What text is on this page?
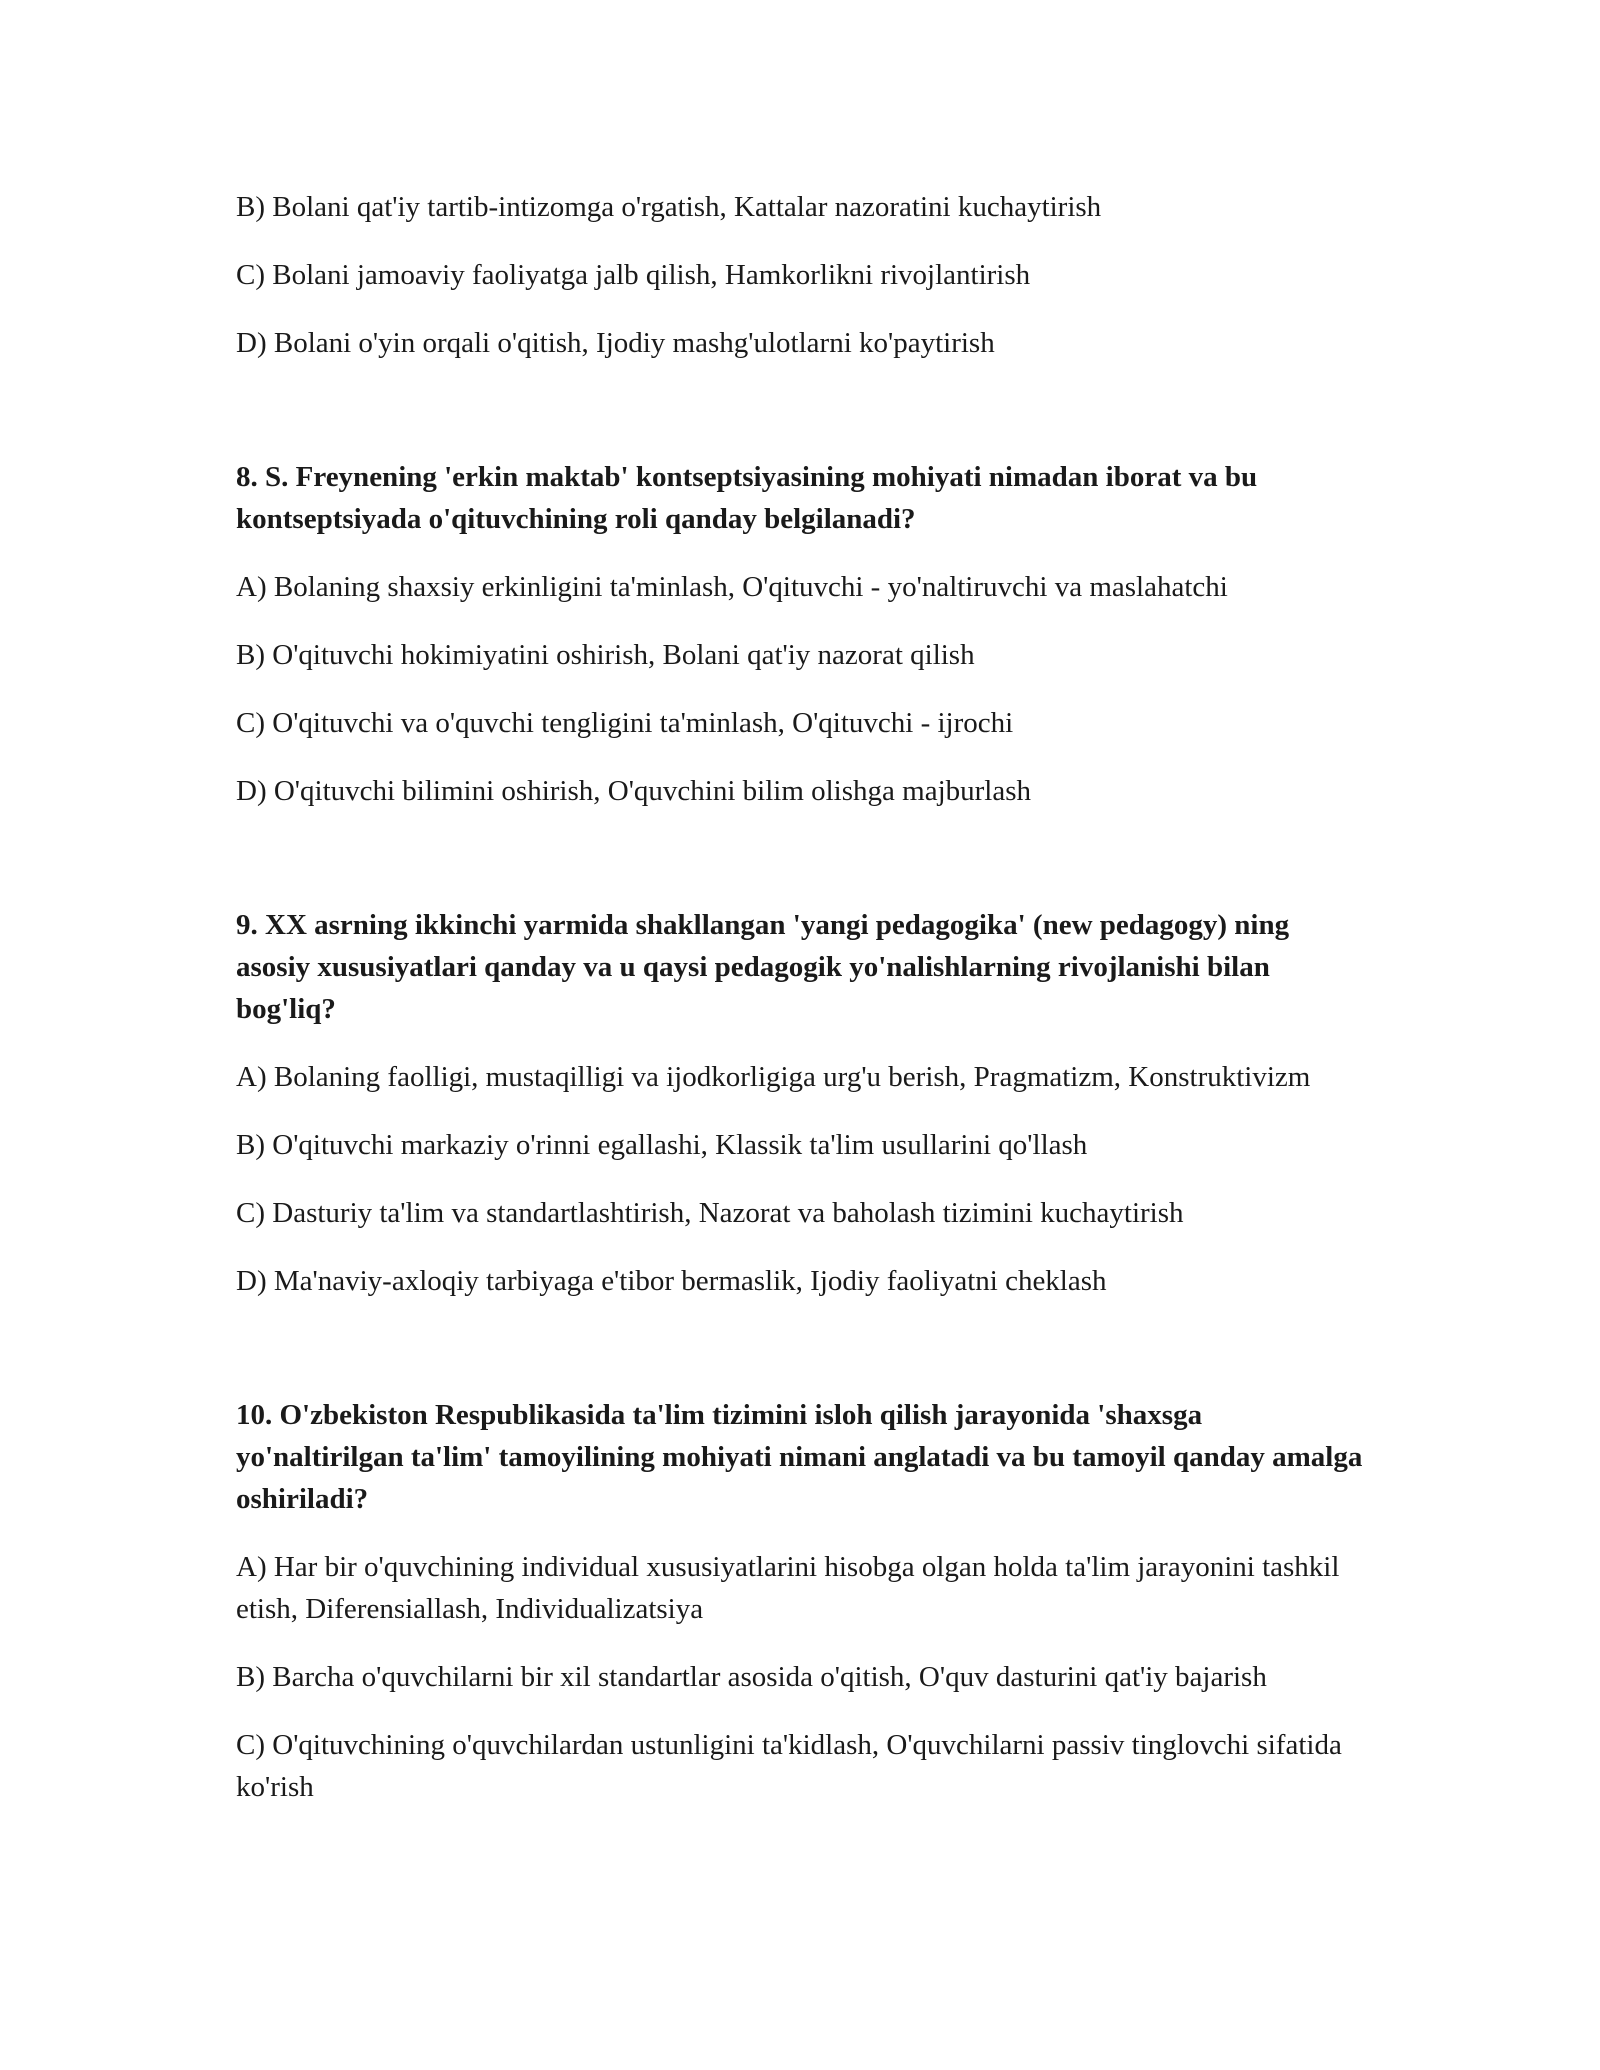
B) Bolani qat'iy tartib-intizomga o'rgatish, Kattalar nazoratini kuchaytirish

C) Bolani jamoaviy faoliyatga jalb qilish, Hamkorlikni rivojlantirish

D) Bolani o'yin orqali o'qitish, Ijodiy mashg'ulotlarni ko'paytirish

8. S. Freynening 'erkin maktab' kontseptsiyasining mohiyati nimadan iborat va bu kontseptsiyada o'qituvchining roli qanday belgilanadi?

A) Bolaning shaxsiy erkinligini ta'minlash, O'qituvchi - yo'naltiruvchi va maslahatchi

B) O'qituvchi hokimiyatini oshirish, Bolani qat'iy nazorat qilish

C) O'qituvchi va o'quvchi tengligini ta'minlash, O'qituvchi - ijrochi

D) O'qituvchi bilimini oshirish, O'quvchini bilim olishga majburlash

9. XX asrning ikkinchi yarmida shakllangan 'yangi pedagogika' (new pedagogy) ning asosiy xususiyatlari qanday va u qaysi pedagogik yo'nalishlarning rivojlanishi bilan bog'liq?

A) Bolaning faolligi, mustaqilligi va ijodkorligiga urg'u berish, Pragmatizm, Konstruktivizm

B) O'qituvchi markaziy o'rinni egallashi, Klassik ta'lim usullarini qo'llash

C) Dasturiy ta'lim va standartlashtirish, Nazorat va baholash tizimini kuchaytirish

D) Ma'naviy-axloqiy tarbiyaga e'tibor bermaslik, Ijodiy faoliyatni cheklash

10. O'zbekiston Respublikasida ta'lim tizimini isloh qilish jarayonida 'shaxsga yo'naltirilgan ta'lim' tamoyilining mohiyati nimani anglatadi va bu tamoyil qanday amalga oshiriladi?

A) Har bir o'quvchining individual xususiyatlarini hisobga olgan holda ta'lim jarayonini tashkil etish, Diferensiallash, Individualizatsiya

B) Barcha o'quvchilarni bir xil standartlar asosida o'qitish, O'quv dasturini qat'iy bajarish

C) O'qituvchining o'quvchilardan ustunligini ta'kidlash, O'quvchilarni passiv tinglovchi sifatida ko'rish
